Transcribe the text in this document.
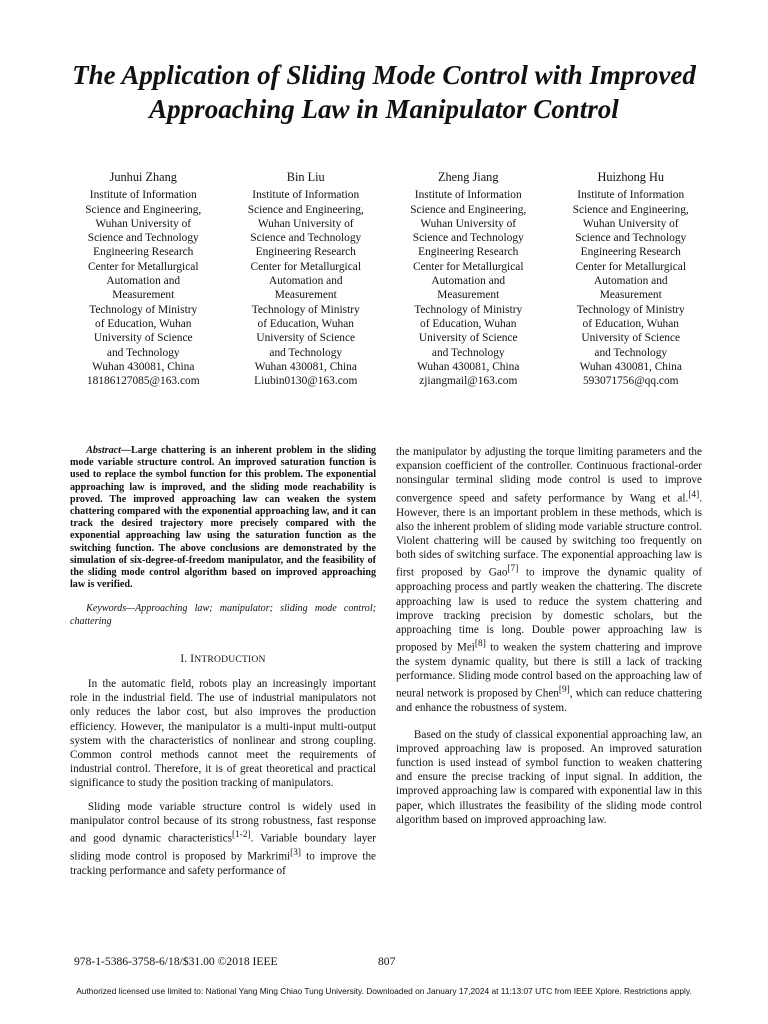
The Application of Sliding Mode Control with Improved Approaching Law in Manipulator Control
Junhui Zhang
Institute of Information
Science and Engineering,
Wuhan University of
Science and Technology
Engineering Research
Center for Metallurgical
Automation and
Measurement
Technology of Ministry
of Education, Wuhan
University of Science
and Technology
Wuhan 430081, China
18186127085@163.com
Bin Liu
Institute of Information
Science and Engineering,
Wuhan University of
Science and Technology
Engineering Research
Center for Metallurgical
Automation and
Measurement
Technology of Ministry
of Education, Wuhan
University of Science
and Technology
Wuhan 430081, China
Liubin0130@163.com
Zheng Jiang
Institute of Information
Science and Engineering,
Wuhan University of
Science and Technology
Engineering Research
Center for Metallurgical
Automation and
Measurement
Technology of Ministry
of Education, Wuhan
University of Science
and Technology
Wuhan 430081, China
zjiangmail@163.com
Huizhong Hu
Institute of Information
Science and Engineering,
Wuhan University of
Science and Technology
Engineering Research
Center for Metallurgical
Automation and
Measurement
Technology of Ministry
of Education, Wuhan
University of Science
and Technology
Wuhan 430081, China
593071756@qq.com

Abstract—Large chattering is an inherent problem in the sliding mode variable structure control. An improved saturation function is used to replace the symbol function for this problem. The exponential approaching law is improved, and the sliding mode reachability is proved. The improved approaching law can weaken the system chattering compared with the exponential approaching law, and it can track the desired trajectory more precisely compared with the exponential approaching law using the saturation function as the switching function. The above conclusions are demonstrated by the simulation of six-degree-of-freedom manipulator, and the feasibility of the sliding mode control algorithm based on improved approaching law is verified.

Keywords—Approaching law; manipulator; sliding mode control; chattering

I. INTRODUCTION

In the automatic field, robots play an increasingly important role in the industrial field. The use of industrial manipulators not only reduces the labor cost, but also improves the production efficiency. However, the manipulator is a multi-input multi-output system with the characteristics of nonlinear and strong coupling. Common control methods cannot meet the requirements of industrial control. Therefore, it is of great theoretical and practical significance to study the position tracking of manipulators.

Sliding mode variable structure control is widely used in manipulator control because of its strong robustness, fast response and good dynamic characteristics[1-2]. Variable boundary layer sliding mode control is proposed by Markrimi[3] to improve the tracking performance and safety performance of

the manipulator by adjusting the torque limiting parameters and the expansion coefficient of the controller. Continuous fractional-order nonsingular terminal sliding mode control is used to improve convergence speed and safety performance by Wang et al.[4]. However, there is an important problem in these methods, which is also the inherent problem of sliding mode variable structure control. Violent chattering will be caused by switching too frequently on both sides of switching surface. The exponential approaching law is first proposed by Gao[7] to improve the dynamic quality of approaching process and partly weaken the chattering. The discrete approaching law is used to reduce the system chattering and improve tracking precision by domestic scholars, but the approaching time is long. Double power approaching law is proposed by Mei[8] to weaken the system chattering and improve the system dynamic quality, but there is still a lack of tracking performance. Sliding mode control based on the approaching law of neural network is proposed by Chen[9], which can reduce chattering and enhance the robustness of system.

Based on the study of classical exponential approaching law, an improved approaching law is proposed. An improved saturation function is used instead of symbol function to weaken chattering and ensure the precise tracking of input signal. In addition, the improved approaching law is compared with exponential law in this paper, which illustrates the feasibility of the sliding mode control algorithm based on improved approaching law.

978-1-5386-3758-6/18/$31.00 ©2018 IEEE	807
Authorized licensed use limited to: National Yang Ming Chiao Tung University. Downloaded on January 17,2024 at 11:13:07 UTC from IEEE Xplore. Restrictions apply.
